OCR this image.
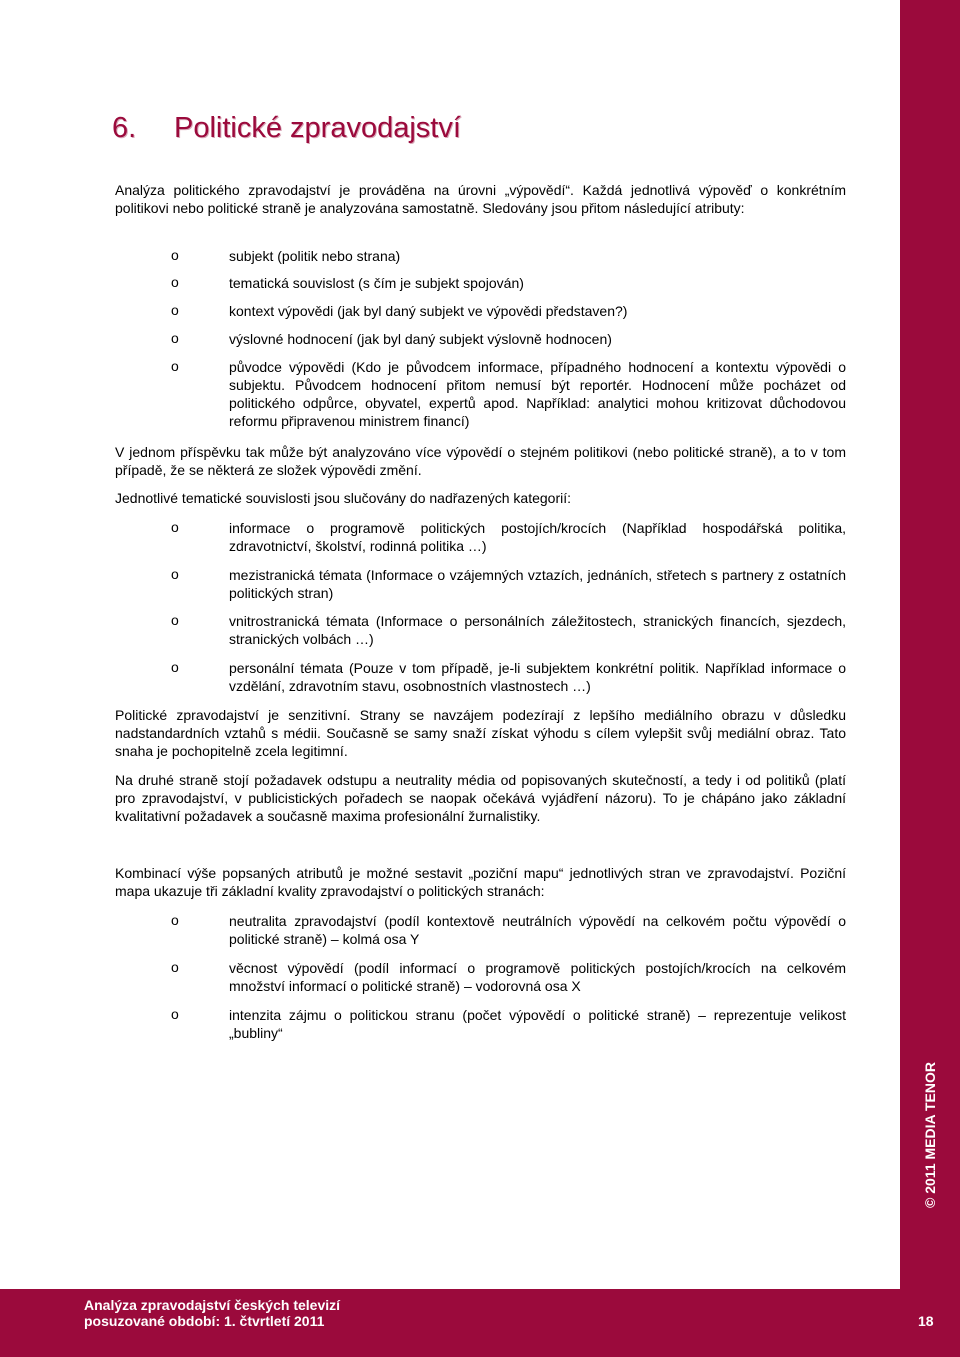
© 2011 MEDIA TENOR
6. Politické zpravodajství

Analýza politického zpravodajství je prováděna na úrovni „výpovědí“. Každá jednotlivá výpověď o konkrétním politikovi nebo politické straně je analyzována samostatně. Sledovány jsou přitom následující atributy:

o	subjekt (politik nebo strana)

o	tematická souvislost (s čím je subjekt spojován)

o	kontext výpovědi (jak byl daný subjekt ve výpovědi představen?)

o	výslovné hodnocení (jak byl daný subjekt výslovně hodnocen)

o	původce výpovědi (Kdo je původcem informace, případného hodnocení a kontextu výpovědi o subjektu. Původcem hodnocení přitom nemusí být reportér. Hodnocení může pocházet od politického odpůrce, obyvatel, expertů apod. Například: analytici mohou kritizovat důchodovou reformu připravenou ministrem financí)

V jednom příspěvku tak může být analyzováno více výpovědí o stejném politikovi (nebo politické straně), a to v tom případě, že se některá ze složek výpovědi změní.

Jednotlivé tematické souvislosti jsou slučovány do nadřazených kategorií:

o	informace o programově politických postojích/krocích (Například hospodářská politika, zdravotnictví, školství, rodinná politika …)

o	mezistranická témata (Informace o vzájemných vztazích, jednáních, střetech s partnery z ostatních politických stran)

o	vnitrostranická témata (Informace o personálních záležitostech, stranických financích, sjezdech, stranických volbách …)

o	personální témata (Pouze v tom případě, je-li subjektem konkrétní politik. Například informace o vzdělání, zdravotním stavu, osobnostních vlastnostech …)

Politické zpravodajství je senzitivní. Strany se navzájem podezírají z lepšího mediálního obrazu v důsledku nadstandardních vztahů s médii. Současně se samy snaží získat výhodu s cílem vylepšit svůj mediální obraz. Tato snaha je pochopitelně zcela legitimní.

Na druhé straně stojí požadavek odstupu a neutrality média od popisovaných skutečností, a tedy i od politiků (platí pro zpravodajství, v publicistických pořadech se naopak očekává vyjádření názoru). To je chápáno jako základní kvalitativní požadavek a současně maxima profesionální žurnalistiky.

Kombinací výše popsaných atributů je možné sestavit „poziční mapu“ jednotlivých stran ve zpravodajství. Poziční mapa ukazuje tři základní kvality zpravodajství o politických stranách:

o	neutralita zpravodajství (podíl kontextově neutrálních výpovědí na celkovém počtu výpovědí o politické straně) – kolmá osa Y

o	věcnost výpovědí (podíl informací o programově politických postojích/krocích na celkovém množství informací o politické straně) – vodorovná osa X

o	intenzita zájmu o politickou stranu (počet výpovědí o politické straně) – reprezentuje velikost „bubliny“

Analýza zpravodajství českých televizí
posuzované období: 1. čtvrtletí 2011	18
